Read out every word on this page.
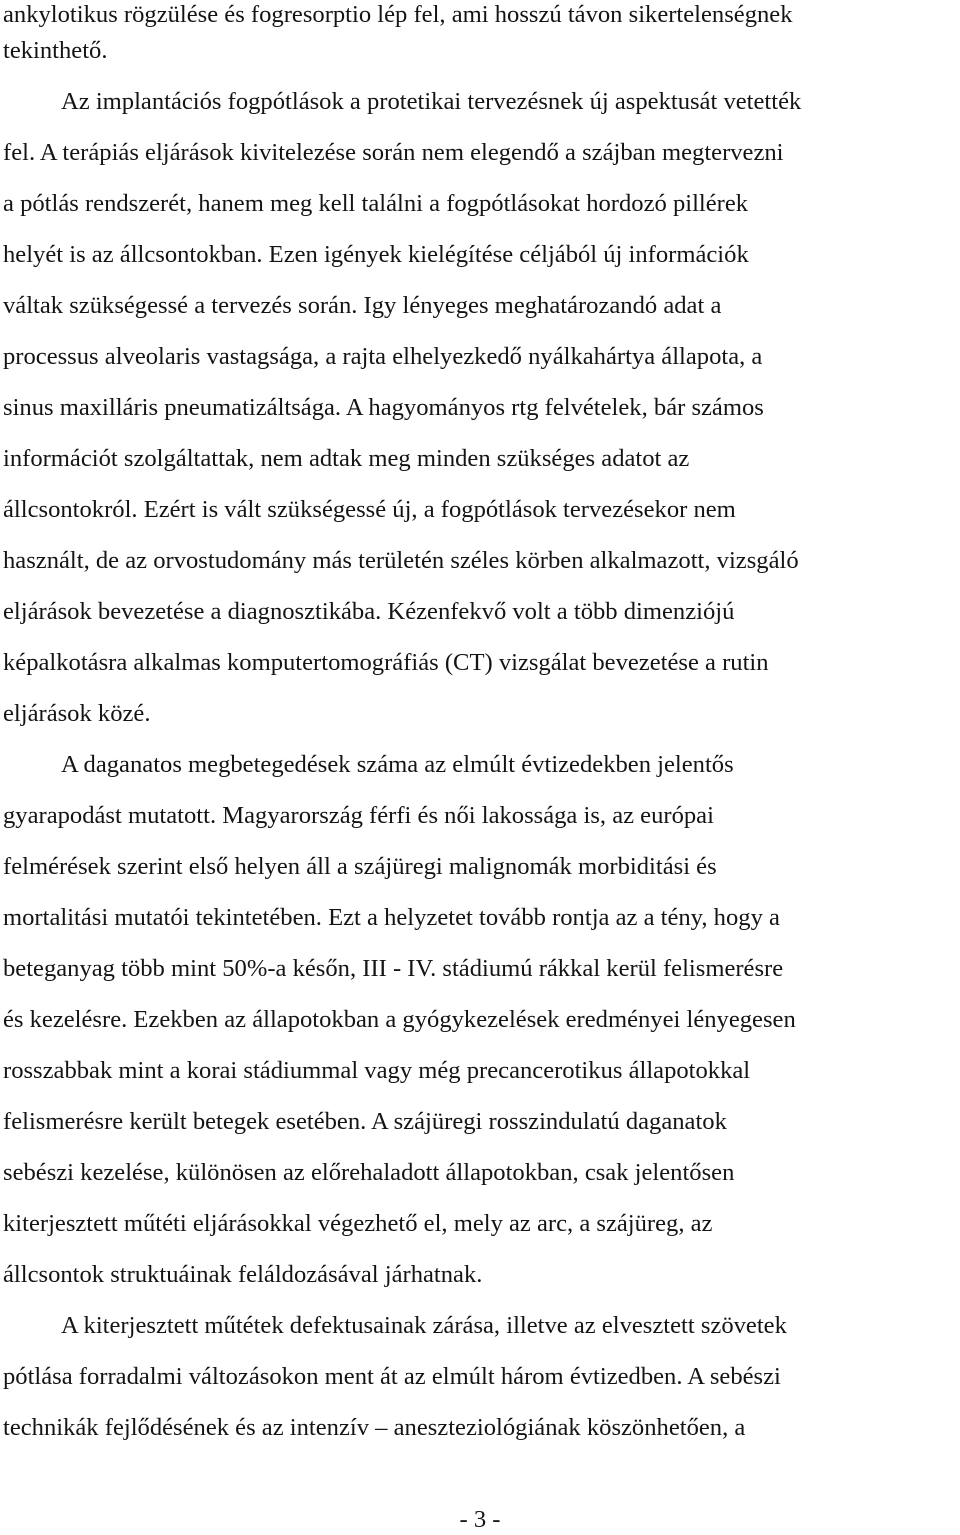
ankylotikus rögzülése és fogresorptio lép fel, ami hosszú távon sikertelenségnek
tekinthető.
Az implantációs fogpótlások a protetikai tervezésnek új aspektusát vetették
fel. A terápiás eljárások kivitelezése során nem elegendő a szájban megtervezni
a pótlás rendszerét, hanem meg kell találni a fogpótlásokat hordozó pillérek
helyét is az állcsontokban. Ezen igények kielégítése céljából új információk
váltak szükségessé a tervezés során. Igy lényeges meghatározandó adat a
processus alveolaris vastagsága, a rajta elhelyezkedő nyálkahártya állapota, a
sinus maxilláris pneumatizáltsága. A hagyományos rtg felvételek, bár számos
információt szolgáltattak, nem adtak meg minden szükséges adatot az
állcsontokról. Ezért is vált szükségessé új, a fogpótlások tervezésekor nem
használt, de az orvostudomány más területén széles körben alkalmazott, vizsgáló
eljárások bevezetése a diagnosztikába. Kézenfekvő volt a több dimenziójú
képalkotásra alkalmas komputertomográfiás (CT) vizsgálat bevezetése a rutin
eljárások közé.
A daganatos megbetegedések száma az elmúlt évtizedekben jelentős
gyarapodást mutatott. Magyarország férfi és női lakossága is, az európai
felmérések szerint első helyen áll a szájüregi malignomák morbiditási és
mortalitási mutatói tekintetében. Ezt a helyzetet tovább rontja az a tény, hogy a
beteganyag több mint 50%-a későn, III - IV. stádiumú rákkal kerül felismerésre
és kezelésre. Ezekben az állapotokban a gyógykezelések eredményei lényegesen
rosszabbak mint a korai stádiummal vagy még precancerotikus állapotokkal
felismerésre került betegek esetében. A szájüregi rosszindulatú daganatok
sebészi kezelése, különösen az előrehaladott állapotokban, csak jelentősen
kiterjesztett műtéti eljárásokkal végezhető el, mely az arc, a szájüreg, az
állcsontok struktuáinak feláldozásával járhatnak.
A kiterjesztett műtétek defektusainak zárása, illetve az elvesztett szövetek
pótlása forradalmi változásokon ment át az elmúlt három évtizedben. A sebészi
technikák fejlődésének és az intenzív – aneszteziológiának köszönhetően, a
- 3 -
